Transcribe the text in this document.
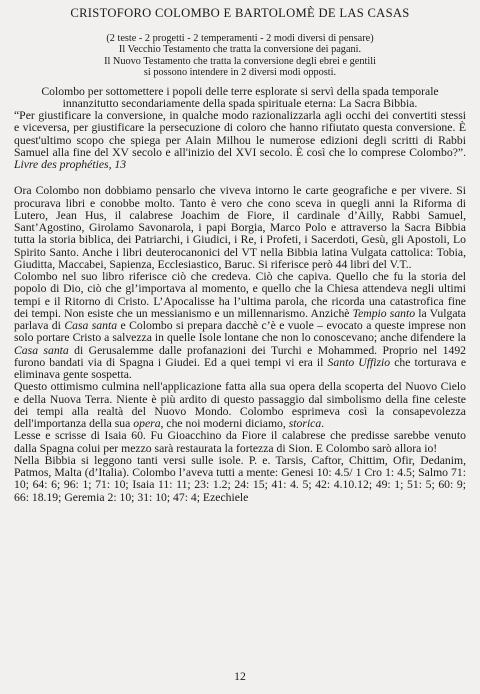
CRISTOFORO COLOMBO E BARTOLOMÈ DE LAS CASAS
(2 teste - 2 progetti - 2 temperamenti - 2 modi diversi di pensare)
Il Vecchio Testamento che tratta la conversione dei pagani.
Il Nuovo Testamento che tratta la conversione degli ebrei e gentili
si possono intendere in 2 diversi modi opposti.

Colombo per sottomettere i popoli delle terre esplorate si servì della spada temporale

innanzitutto secondariamente della spada spirituale eterna: La Sacra Bibbia.

“Per giustificare la conversione, in qualche modo razionalizzarla agli occhi dei convertiti stessi e viceversa, per giustificare la persecuzione di coloro che hanno rifiutato questa conversione. È quest'ultimo scopo che spiega per Alain Milhou le numerose edizioni degli scritti di Rabbi Samuel alla fine del XV secolo e all'inizio del XVI secolo. È così che lo comprese Colombo?”. Livre des prophéties, 13

Ora Colombo non dobbiamo pensarlo che viveva intorno le carte geografiche e per vivere. Si procurava libri e conobbe molto. Tanto è vero che cono sceva in quegli anni la Riforma di Lutero, Jean Hus, il calabrese Joachim de Fiore, il cardinale d’Ailly, Rabbi Samuel, Sant’Agostino, Girolamo Savonarola, i papi Borgia, Marco Polo e attraverso la Sacra Bibbia tutta la storia biblica, dei Patriarchi, i Giudici, i Re, i Profeti, i Sacerdoti, Gesù, gli Apostoli, Lo Spirito Santo. Anche i libri deuterocanonici del VT nella Bibbia latina Vulgata cattolica: Tobia, Giuditta, Maccabei, Sapienza, Ecclesiastico, Baruc. Si riferisce però 44 libri del V.T..

Colombo nel suo libro riferisce ciò che credeva. Ciò che capiva. Quello che fu la storia del popolo di Dio, ciò che gl’importava al momento, e quello che la Chiesa attendeva negli ultimi tempi e il Ritorno di Cristo. L’Apocalisse ha l’ultima parola, che ricorda una catastrofica fine dei tempi. Non esiste che un messianismo e un millennarismo. Anzichè Tempio santo la Vulgata parlava di Casa santa e Colombo si prepara dacchè c’è e vuole – evocato a queste imprese non solo portare Cristo a salvezza in quelle Isole lontane che non lo conoscevano; anche difendere la Casa santa di Gerusalemme dalle profanazioni dei Turchi e Mohammed. Proprio nel 1492 furono bandati via di Spagna i Giudei. Ed a quei tempi vi era il Santo Uffizio che torturava e eliminava gente sospetta.

Questo ottimismo culmina nell'applicazione fatta alla sua opera della scoperta del Nuovo Cielo e della Nuova Terra. Niente è più ardito di questo passaggio dal simbolismo della fine celeste dei tempi alla realtà del Nuovo Mondo. Colombo esprimeva così la consapevolezza dell'importanza della sua opera, che noi moderni diciamo, storica.

Lesse e scrisse di Isaia 60. Fu Gioacchino da Fiore il calabrese che predisse sarebbe venuto dalla Spagna colui per mezzo sarà restaurata la fortezza di Sion. E Colombo sarò allora io!

Nella Bibbia si leggono tanti versi sulle isole. P. e. Tarsis, Caftor, Chittim, Ofir, Dedanim, Patmos, Malta (d’Italia). Colombo l’aveva tutti a mente: Genesi 10: 4.5/ 1 Cro 1: 4.5; Salmo 71: 10; 64: 6; 96: 1; 71: 10; Isaia 11: 11; 23: 1.2; 24: 15; 41: 4. 5; 42: 4.10.12; 49: 1; 51: 5; 60: 9; 66: 18.19; Geremia 2: 10; 31: 10; 47: 4; Ezechiele

12
